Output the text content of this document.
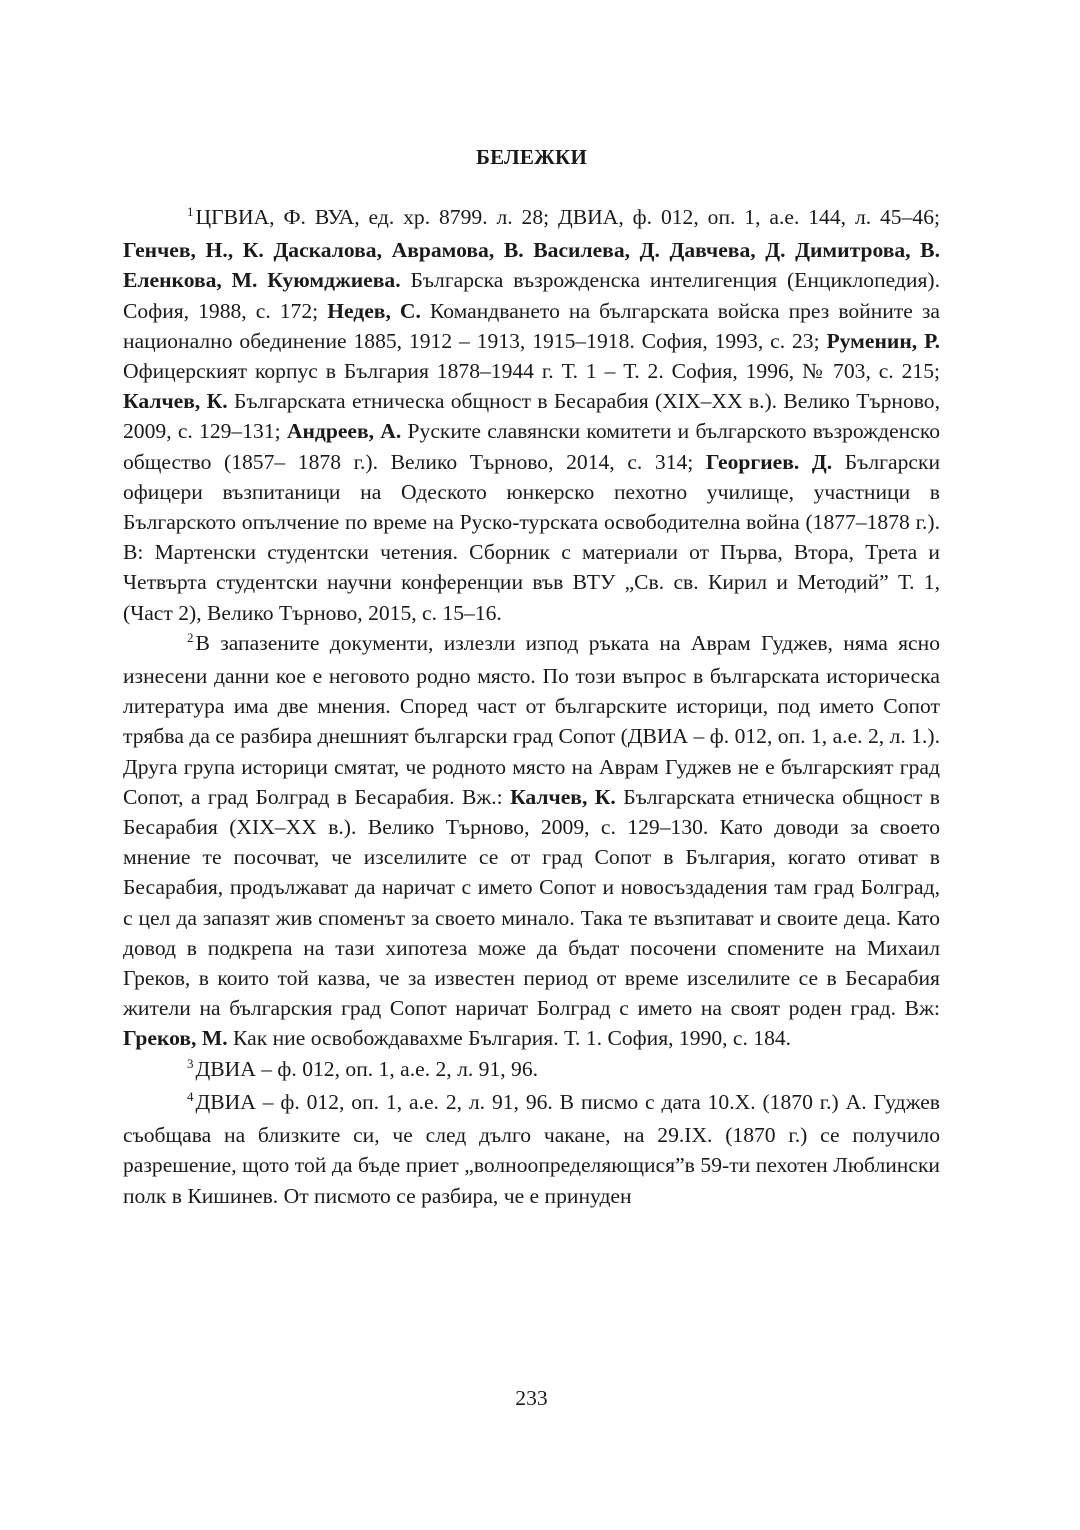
БЕЛЕЖКИ

$^1$ЦГВИА, Ф. ВУА, ед. хр. 8799. л. 28; ДВИА, ф. 012, оп. 1, а.е. 144, л. 45–46; Генчев, Н., К. Даскалова, Аврамова, В. Василева, Д. Давчева, Д. Димитрова, В. Еленкова, М. Куюмджиева. Българска възрожденска интелигенция (Енциклопедия). София, 1988, с. 172; Недев, С. Командването на българската войска през войните за национално обединение 1885, 1912 – 1913, 1915–1918. София, 1993, с. 23; Руменин, Р. Офицерският корпус в България 1878–1944 г. Т. 1 – Т. 2. София, 1996, № 703, с. 215; Калчев, К. Българската етническа общност в Бесарабия (XIX–XX в.). Велико Търново, 2009, с. 129–131; Андреев, А. Руските славянски комитети и българското възрожденско общество (1857– 1878 г.). Велико Търново, 2014, с. 314; Георгиев. Д. Български офицери възпитаници на Одеското юнкерско пехотно училище, участници в Българското опълчение по време на Руско-турската освободителна война (1877–1878 г.). В: Мартенски студентски четения. Сборник с материали от Първа, Втора, Трета и Четвърта студентски научни конференции във ВТУ „Св. св. Кирил и Методий” Т. 1, (Част 2), Велико Търново, 2015, с. 15–16.

$^2$В запазените документи, излезли изпод ръката на Аврам Гуджев, няма ясно изнесени данни кое е неговото родно място. По този въпрос в българската историческа литература има две мнения. Според част от българските историци, под името Сопот трябва да се разбира днешният български град Сопот (ДВИА – ф. 012, оп. 1, а.е. 2, л. 1.). Друга група историци смятат, че родното място на Аврам Гуджев не е българският град Сопот, а град Болград в Бесарабия. Вж.: Калчев, К. Българската етническа общност в Бесарабия (XIX–XX в.). Велико Търново, 2009, с. 129–130. Като доводи за своето мнение те посочват, че изселилите се от град Сопот в България, когато отиват в Бесарабия, продължават да наричат с името Сопот и новосъздадения там град Болград, с цел да запазят жив споменът за своето минало. Така те възпитават и своите деца. Като довод в подкрепа на тази хипотеза може да бъдат посочени спомените на Михаил Греков, в които той казва, че за известен период от време изселилите се в Бесарабия жители на българския град Сопот наричат Болград с името на своят роден град. Вж: Греков, М. Как ние освобождавахме България. Т. 1. София, 1990, с. 184.

$^3$ДВИА – ф. 012, оп. 1, а.е. 2, л. 91, 96.

$^4$ДВИА – ф. 012, оп. 1, а.е. 2, л. 91, 96. В писмо с дата 10.Х. (1870 г.) А. Гуджев съобщава на близките си, че след дълго чакане, на 29.IX. (1870 г.) се получило разрешение, щото той да бъде приет „волноопределяющися”в 59-ти пехотен Люблински полк в Кишинев. От писмото се разбира, че е принуден

233
